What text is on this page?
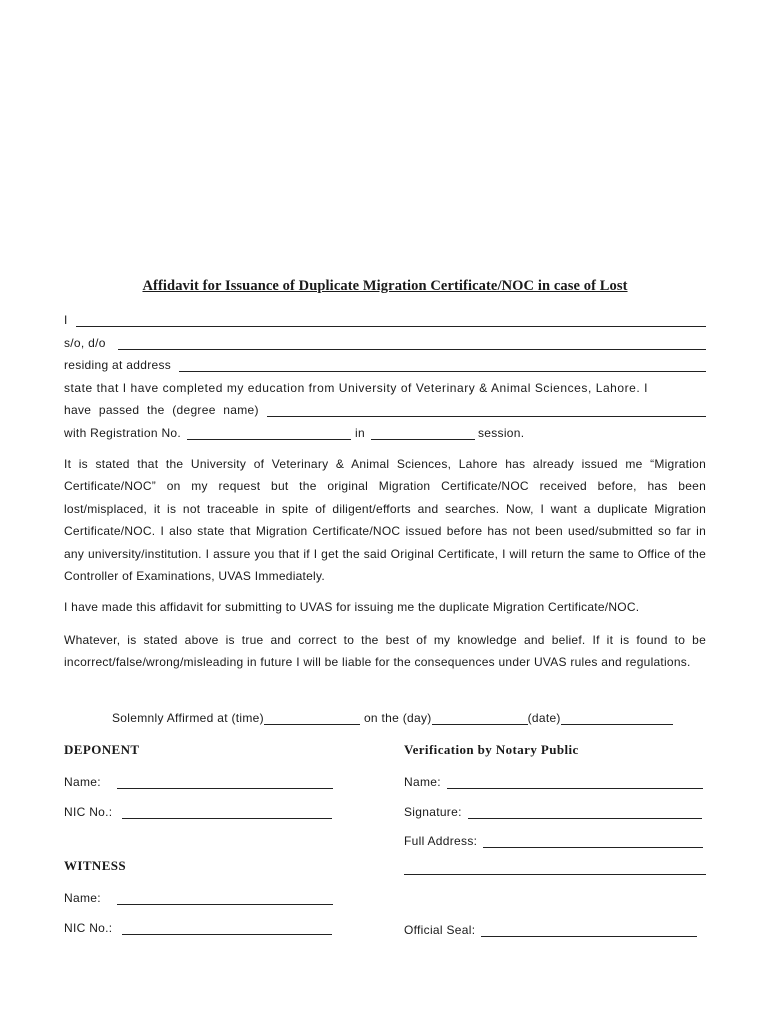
Affidavit for Issuance of Duplicate Migration Certificate/NOC in case of Lost
I
s/o, d/o
residing at address
state that I have completed my education from University of Veterinary & Animal Sciences, Lahore. I
have passed the (degree name)
with Registration No.	in	session.
It is stated that the University of Veterinary & Animal Sciences, Lahore has already issued me “Migration Certificate/NOC” on my request but the original Migration Certificate/NOC received before, has been lost/misplaced, it is not traceable in spite of diligent/efforts and searches. Now, I want a duplicate Migration Certificate/NOC. I also state that Migration Certificate/NOC issued before has not been used/submitted so far in any university/institution. I assure you that if I get the said Original Certificate, I will return the same to Office of the Controller of Examinations, UVAS Immediately.
I have made this affidavit for submitting to UVAS for issuing me the duplicate Migration Certificate/NOC.
Whatever, is stated above is true and correct to the best of my knowledge and belief. If it is found to be incorrect/false/wrong/misleading in future I will be liable for the consequences under UVAS rules and regulations.
Solemnly Affirmed at (time)	on the (day)	(date)
DEPONENT
Name:
NIC No.:
Verification by Notary Public
Name:
Signature:
Full Address:
Official Seal:
WITNESS
Name:
NIC No.:
